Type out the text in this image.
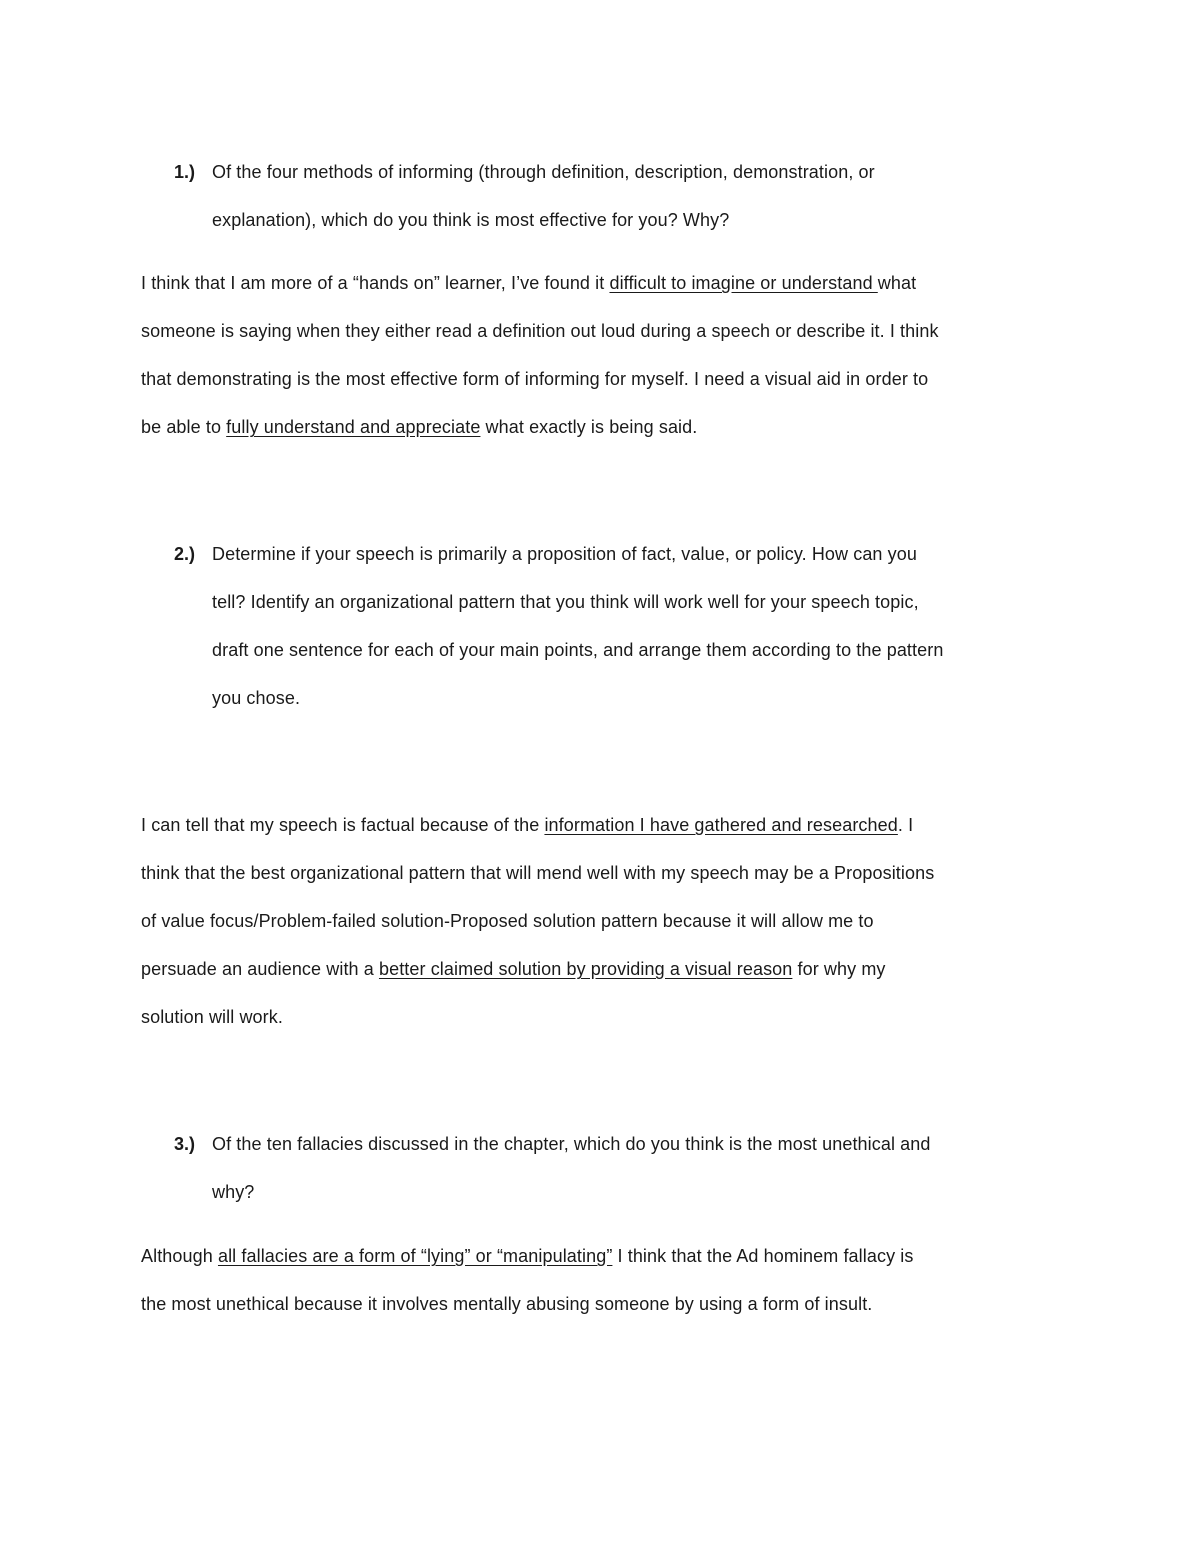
1.) Of the four methods of informing (through definition, description, demonstration, or
explanation), which do you think is most effective for you? Why?
I think that I am more of a “hands on” learner, I’ve found it difficult to imagine or understand what
someone is saying when they either read a definition out loud during a speech or describe it. I think
that demonstrating is the most effective form of informing for myself. I need a visual aid in order to
be able to fully understand and appreciate what exactly is being said.
2.) Determine if your speech is primarily a proposition of fact, value, or policy. How can you
tell? Identify an organizational pattern that you think will work well for your speech topic,
draft one sentence for each of your main points, and arrange them according to the pattern
you chose.
I can tell that my speech is factual because of the information I have gathered and researched. I
think that the best organizational pattern that will mend well with my speech may be a Propositions
of value focus/Problem-failed solution-Proposed solution pattern because it will allow me to
persuade an audience with a better claimed solution by providing a visual reason for why my
solution will work.
3.) Of the ten fallacies discussed in the chapter, which do you think is the most unethical and
why?
Although all fallacies are a form of “lying” or “manipulating” I think that the Ad hominem fallacy is
the most unethical because it involves mentally abusing someone by using a form of insult.
